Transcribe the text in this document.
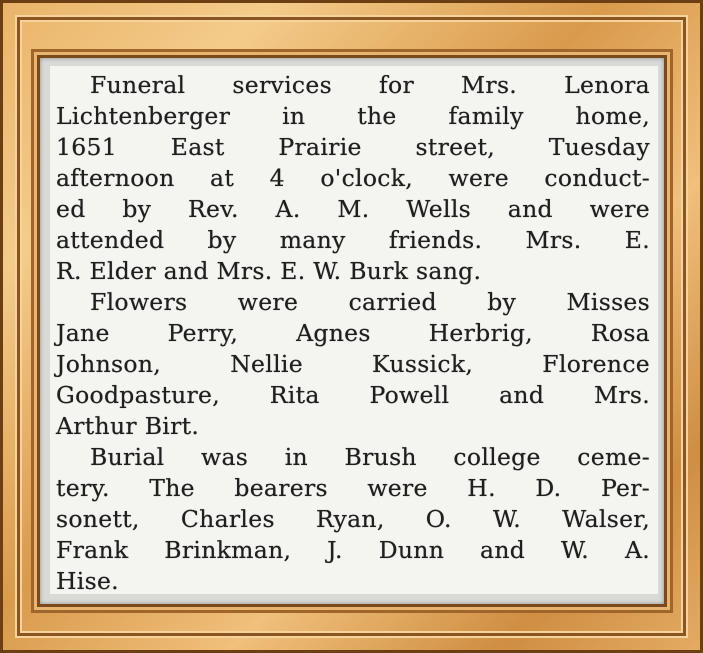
Funeral services for Mrs. Lenora
Lichtenberger in the family home,
1651 East Prairie street, Tuesday
afternoon at 4 o'clock, were conduct-
ed by Rev. A. M. Wells and were
attended by many friends. Mrs. E.
R. Elder and Mrs. E. W. Burk sang.
Flowers were carried by Misses
Jane Perry, Agnes Herbrig, Rosa
Johnson, Nellie Kussick, Florence
Goodpasture, Rita Powell and Mrs.
Arthur Birt.
Burial was in Brush college ceme-
tery. The bearers were H. D. Per-
sonett, Charles Ryan, O. W. Walser,
Frank Brinkman, J. Dunn and W. A.
Hise.
